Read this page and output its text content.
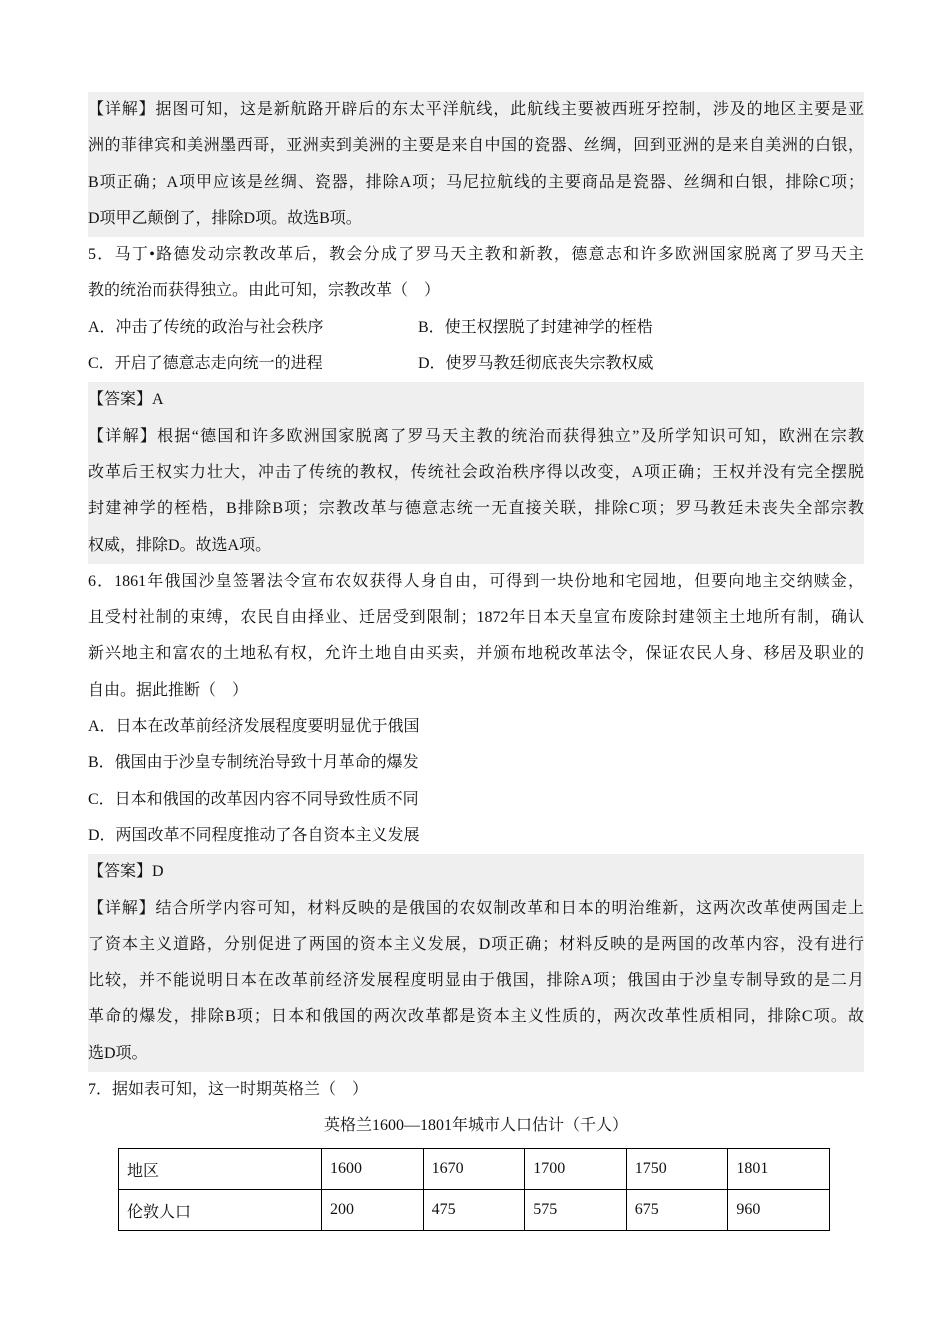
【详解】据图可知，这是新航路开辟后的东太平洋航线，此航线主要被西班牙控制，涉及的地区主要是亚
洲的菲律宾和美洲墨西哥，亚洲卖到美洲的主要是来自中国的瓷器、丝绸，回到亚洲的是来自美洲的白银，
B项正确；A项甲应该是丝绸、瓷器，排除A项；马尼拉航线的主要商品是瓷器、丝绸和白银，排除C项；
D项甲乙颠倒了，排除D项。故选B项。
5．马丁•路德发动宗教改革后，教会分成了罗马天主教和新教，德意志和许多欧洲国家脱离了罗马天主
教的统治而获得独立。由此可知，宗教改革（　）
A．冲击了传统的政治与社会秩序	B．使王权摆脱了封建神学的桎梏
C．开启了德意志走向统一的进程	D．使罗马教廷彻底丧失宗教权威
【答案】A
【详解】根据“德国和许多欧洲国家脱离了罗马天主教的统治而获得独立”及所学知识可知，欧洲在宗教
改革后王权实力壮大，冲击了传统的教权，传统社会政治秩序得以改变，A项正确；王权并没有完全摆脱
封建神学的桎梏，B排除B项；宗教改革与德意志统一无直接关联，排除C项；罗马教廷未丧失全部宗教
权威，排除D。故选A项。
6．1861年俄国沙皇签署法令宣布农奴获得人身自由，可得到一块份地和宅园地，但要向地主交纳赎金，
且受村社制的束缚，农民自由择业、迁居受到限制；1872年日本天皇宣布废除封建领主土地所有制，确认
新兴地主和富农的土地私有权，允许土地自由买卖，并颁布地税改革法令，保证农民人身、移居及职业的
自由。据此推断（　）
A．日本在改革前经济发展程度要明显优于俄国
B．俄国由于沙皇专制统治导致十月革命的爆发
C．日本和俄国的改革因内容不同导致性质不同
D．两国改革不同程度推动了各自资本主义发展
【答案】D
【详解】结合所学内容可知，材料反映的是俄国的农奴制改革和日本的明治维新，这两次改革使两国走上
了资本主义道路，分别促进了两国的资本主义发展，D项正确；材料反映的是两国的改革内容，没有进行
比较，并不能说明日本在改革前经济发展程度明显由于俄国，排除A项；俄国由于沙皇专制导致的是二月
革命的爆发，排除B项；日本和俄国的两次改革都是资本主义性质的，两次改革性质相同，排除C项。故
选D项。
7．据如表可知，这一时期英格兰（　）
英格兰1600—1801年城市人口估计（千人）
地区	1600	1670	1700	1750	1801
伦敦人口	200	475	575	675	960
